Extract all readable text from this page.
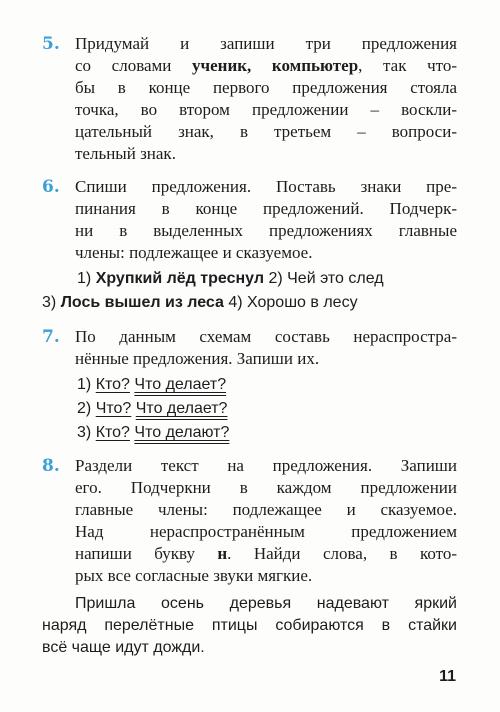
5. Придумай и запиши три предложения
со словами ученик, компьютер, так что-
бы в конце первого предложения стояла
точка, во втором предложении – воскли-
цательный знак, в третьем – вопроси-
тельный знак.
6. Спиши предложения. Поставь знаки пре-
пинания в конце предложений. Подчерк-
ни в выделенных предложениях главные
члены: подлежащее и сказуемое.
1) Хрупкий лёд треснул 2) Чей это след
3) Лось вышел из леса 4) Хорошо в лесу
7. По данным схемам составь нераспростра-
нённые предложения. Запиши их.
1) Кто? Что делает?
2) Что? Что делает?
3) Кто? Что делают?
8. Раздели текст на предложения. Запиши
его. Подчеркни в каждом предложении
главные члены: подлежащее и сказуемое.
Над нераспространённым предложением
напиши букву н. Найди слова, в кото-
рых все согласные звуки мягкие.
Пришла осень деревья надевают яркий
наряд перелётные птицы собираются в стайки
всё чаще идут дожди.
11
